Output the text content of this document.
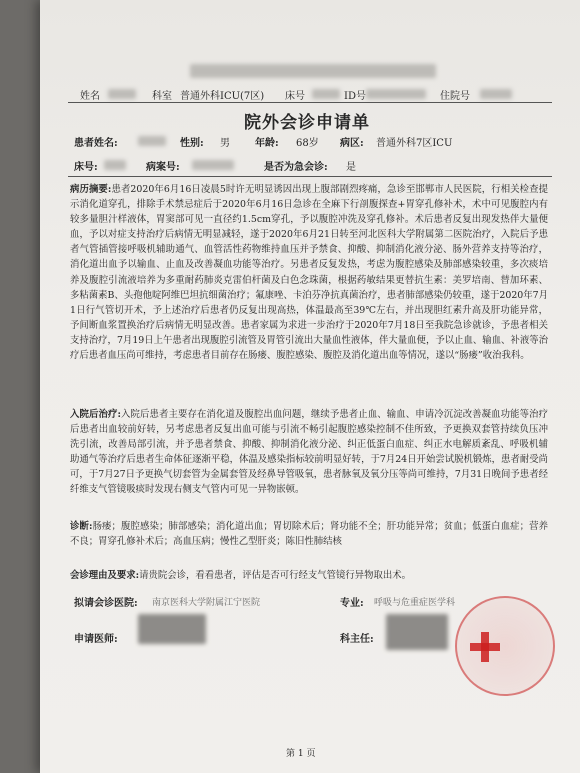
姓名	科室 普通外科ICU(7区) 床号	ID号	住院号
院外会诊申请单
患者姓名:	性别: 男	年龄: 68岁 病区: 普通外科7区ICU
床号:	病案号:	是否为急会诊: 是
病历摘要:患者2020年6月16日凌晨5时许无明显诱因出现上腹部剧烈疼痛，急诊至邯郸市人民医院，行相关检查提示消化道穿孔，排除手术禁忌症后于2020年6月16日急诊在全麻下行剖腹探查+胃穿孔修补术，术中可见腹腔内有较多量胆汁样液体，胃窦部可见一直径约1.5cm穿孔，予以腹腔冲洗及穿孔修补。术后患者反复出现发热伴大量便血，予以对症支持治疗后病情无明显减轻，遂于2020年6月21日转至河北医科大学附属第二医院治疗，入院后予患者气管插管接呼吸机辅助通气、血管活性药物维持血压并予禁食、抑酸、抑制消化液分泌、肠外营养支持等治疗，消化道出血予以输血、止血及改善凝血功能等治疗。另患者反复发热，考虑为腹腔感染及肺部感染较重，多次痰培养及腹腔引流液培养为多重耐药肺炎克雷伯杆菌及白色念珠菌，根据药敏结果更替抗生素：美罗培南、替加环素、多粘菌素B、头孢他啶阿维巴坦抗细菌治疗；氟康唑、卡泊芬净抗真菌治疗，患者肺部感染仍较重，遂于2020年7月1日行气管切开术，予上述治疗后患者仍反复出现高热，体温最高至39℃左右，并出现胆红素升高及肝功能异常，予间断血浆置换治疗后病情无明显改善。患者家属为求进一步治疗于2020年7月18日至我院急诊就诊，予患者相关支持治疗，7月19日上午患者出现腹腔引流管及胃管引流出大量血性液体，伴大量血便，予以止血、输血、补液等治疗后患者血压尚可维持，考虑患者目前存在肠瘘、腹腔感染、腹腔及消化道出血等情况，遂以“肠瘘”收治我科。
入院后治疗:入院后患者主要存在消化道及腹腔出血问题，继续予患者止血、输血、申请冷沉淀改善凝血功能等治疗后患者出血较前好转，另考虑患者反复出血可能与引流不畅引起腹腔感染控制不佳所致，予更换双套管持续负压冲洗引流，改善局部引流，并予患者禁食、抑酸、抑制消化液分泌、纠正低蛋白血症、纠正水电解质紊乱、呼吸机辅助通气等治疗后患者生命体征逐渐平稳，体温及感染指标较前明显好转，于7月24日开始尝试脱机锻炼，患者耐受尚可，于7月27日予更换气切套管为金属套管及经鼻导管吸氧，患者脉氧及氧分压等尚可维持，7月31日晚间予患者经纤维支气管镜吸痰时发现右侧支气管内可见一异物嵌顿。
诊断:肠瘘；腹腔感染；肺部感染；消化道出血；胃切除术后；肾功能不全；肝功能异常；贫血；低蛋白血症；营养不良；胃穿孔修补术后；高血压病；慢性乙型肝炎；陈旧性肺结核
会诊理由及要求:请贵院会诊，看看患者，评估是否可行经支气管镜行异物取出术。
拟请会诊医院: 南京医科大学附属江宁医院	专业: 呼吸与危重症医学科
申请医师:	科主任:
第 1 页
